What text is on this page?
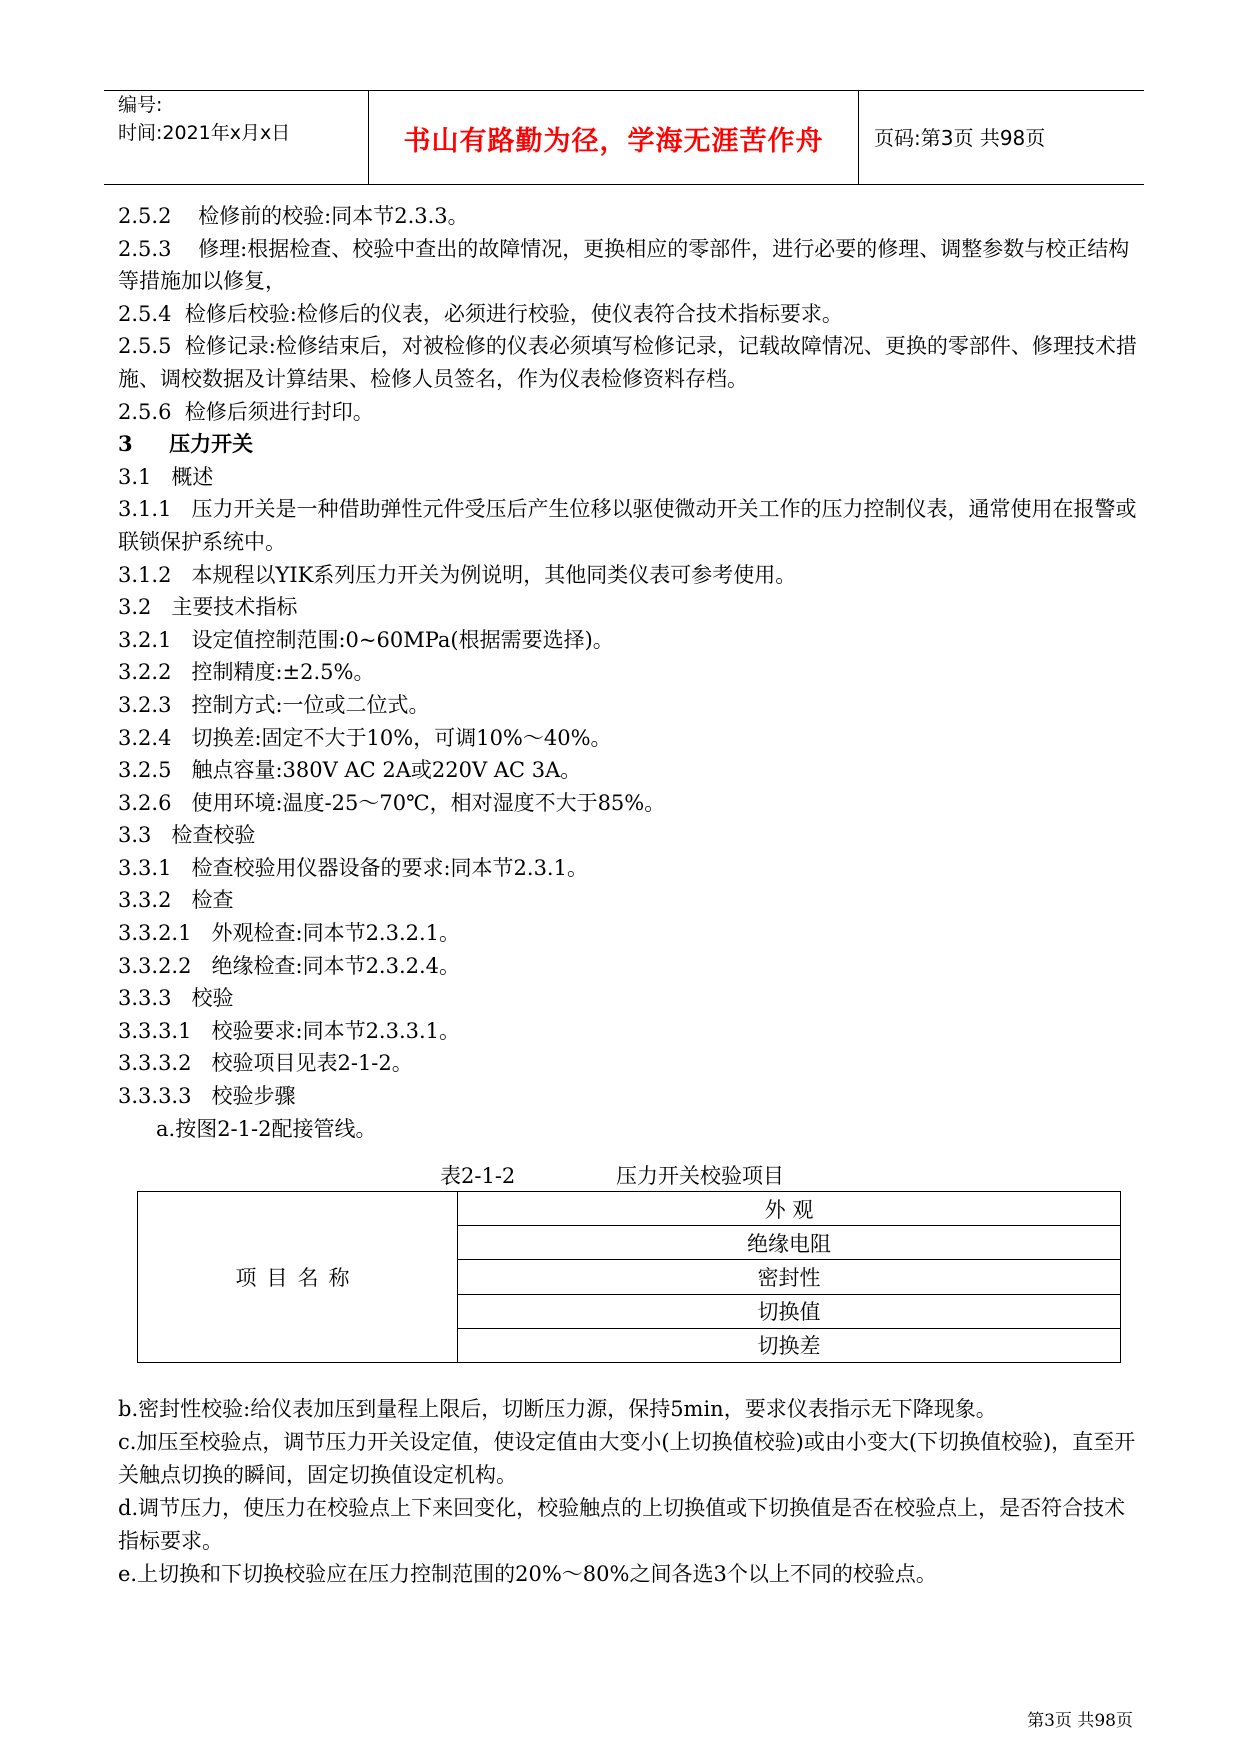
编号:
时间:2021年x月x日	书山有路勤为径，学海无涯苦作舟	页码:第3页 共98页

2.5.2    检修前的校验:同本节2.3.3。

2.5.3    修理:根据检查、校验中查出的故障情况，更换相应的零部件，进行必要的修理、调整参数与校正结构等措施加以修复，

2.5.4  检修后校验:检修后的仪表，必须进行校验，使仪表符合技术指标要求。

2.5.5  检修记录:检修结束后，对被检修的仪表必须填写检修记录，记载故障情况、更换的零部件、修理技术措施、调校数据及计算结果、检修人员签名，作为仪表检修资料存档。

2.5.6  检修后须进行封印。

3     压力开关

3.1   概述

3.1.1   压力开关是一种借助弹性元件受压后产生位移以驱使微动开关工作的压力控制仪表，通常使用在报警或联锁保护系统中。

3.1.2   本规程以YIK系列压力开关为例说明，其他同类仪表可参考使用。

3.2   主要技术指标

3.2.1   设定值控制范围:0~60MPa(根据需要选择)。

3.2.2   控制精度:±2.5%。

3.2.3   控制方式:一位或二位式。

3.2.4   切换差:固定不大于10%，可调10%～40%。

3.2.5   触点容量:380V AC 2A或220V AC 3A。

3.2.6   使用环境:温度-25～70℃，相对湿度不大于85%。

3.3   检查校验

3.3.1   检查校验用仪器设备的要求:同本节2.3.1。

3.3.2   检查

3.3.2.1   外观检查:同本节2.3.2.1。

3.3.2.2   绝缘检查:同本节2.3.2.4。

3.3.3   校验

3.3.3.1   校验要求:同本节2.3.3.1。

3.3.3.2   校验项目见表2-1-2。

3.3.3.3   校验步骤

a.按图2-1-2配接管线。

表2-1-2	压力开关校验项目
项目名称	外 观
绝缘电阻
密封性
切换值
切换差

b.密封性校验:给仪表加压到量程上限后，切断压力源，保持5min，要求仪表指示无下降现象。

c.加压至校验点，调节压力开关设定值，使设定值由大变小(上切换值校验)或由小变大(下切换值校验)，直至开关触点切换的瞬间，固定切换值设定机构。

d.调节压力，使压力在校验点上下来回变化，校验触点的上切换值或下切换值是否在校验点上，是否符合技术指标要求。

e.上切换和下切换校验应在压力控制范围的20%～80%之间各选3个以上不同的校验点。

第3页 共98页
